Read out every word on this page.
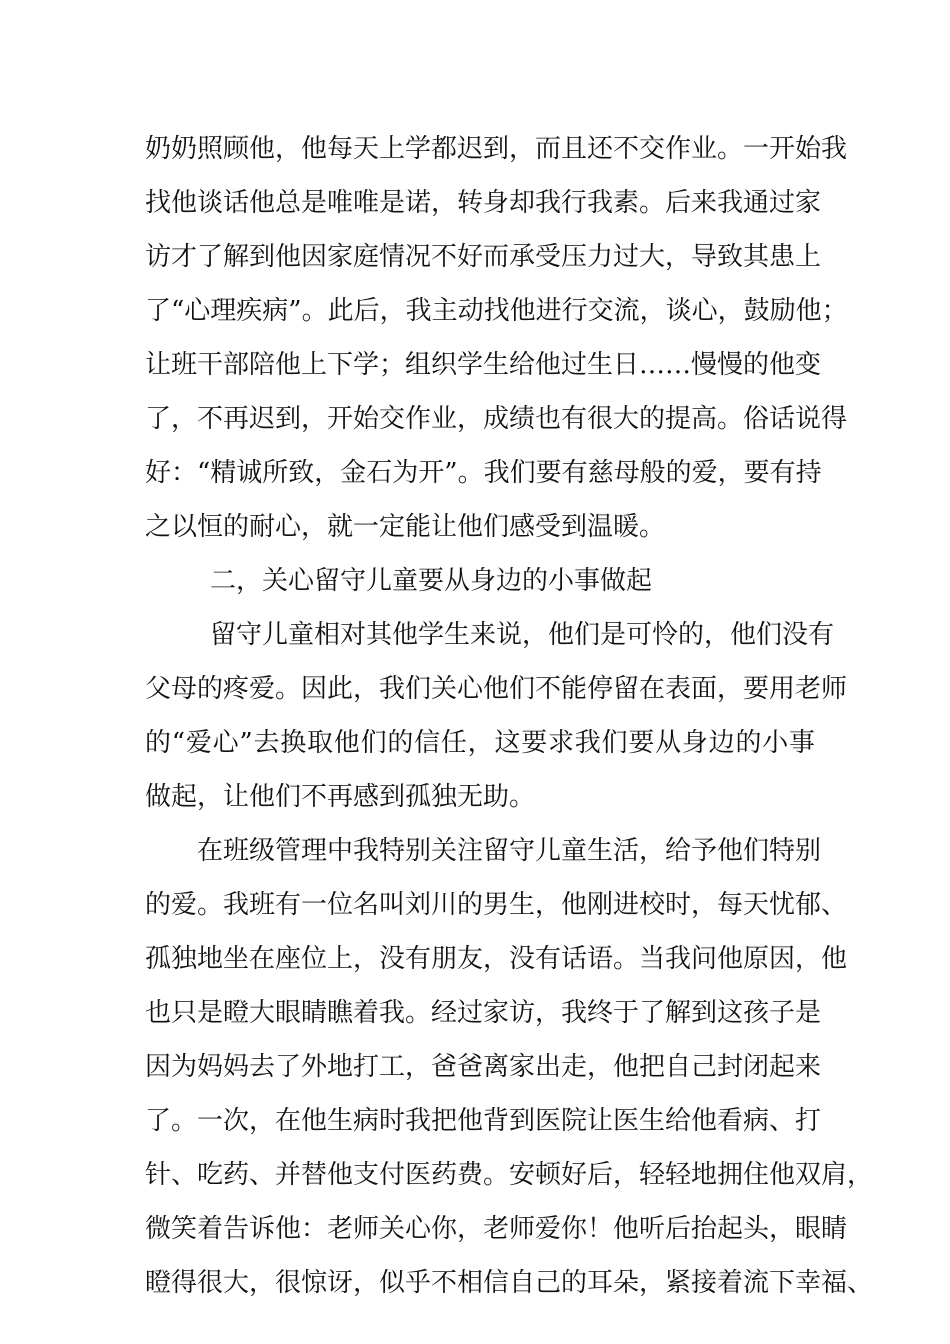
奶奶照顾他，他每天上学都迟到，而且还不交作业。一开始我
找他谈话他总是唯唯是诺，转身却我行我素。后来我通过家
访才了解到他因家庭情况不好而承受压力过大，导致其患上
了“心理疾病”。此后，我主动找他进行交流，谈心，鼓励他；
让班干部陪他上下学；组织学生给他过生日……慢慢的他变
了，不再迟到，开始交作业，成绩也有很大的提高。俗话说得
好：“精诚所致，金石为开”。我们要有慈母般的爱，要有持
之以恒的耐心，就一定能让他们感受到温暖。
二，关心留守儿童要从身边的小事做起
留守儿童相对其他学生来说，他们是可怜的，他们没有
父母的疼爱。因此，我们关心他们不能停留在表面，要用老师
的“爱心”去换取他们的信任，这要求我们要从身边的小事
做起，让他们不再感到孤独无助。
在班级管理中我特别关注留守儿童生活，给予他们特别
的爱。我班有一位名叫刘川的男生，他刚进校时，每天忧郁、
孤独地坐在座位上，没有朋友，没有话语。当我问他原因，他
也只是瞪大眼睛瞧着我。经过家访，我终于了解到这孩子是
因为妈妈去了外地打工，爸爸离家出走，他把自己封闭起来
了。一次，在他生病时我把他背到医院让医生给他看病、打
针、吃药、并替他支付医药费。安顿好后，轻轻地拥住他双肩，
微笑着告诉他：老师关心你，老师爱你！他听后抬起头，眼睛
瞪得很大，很惊讶，似乎不相信自己的耳朵，紧接着流下幸福、
